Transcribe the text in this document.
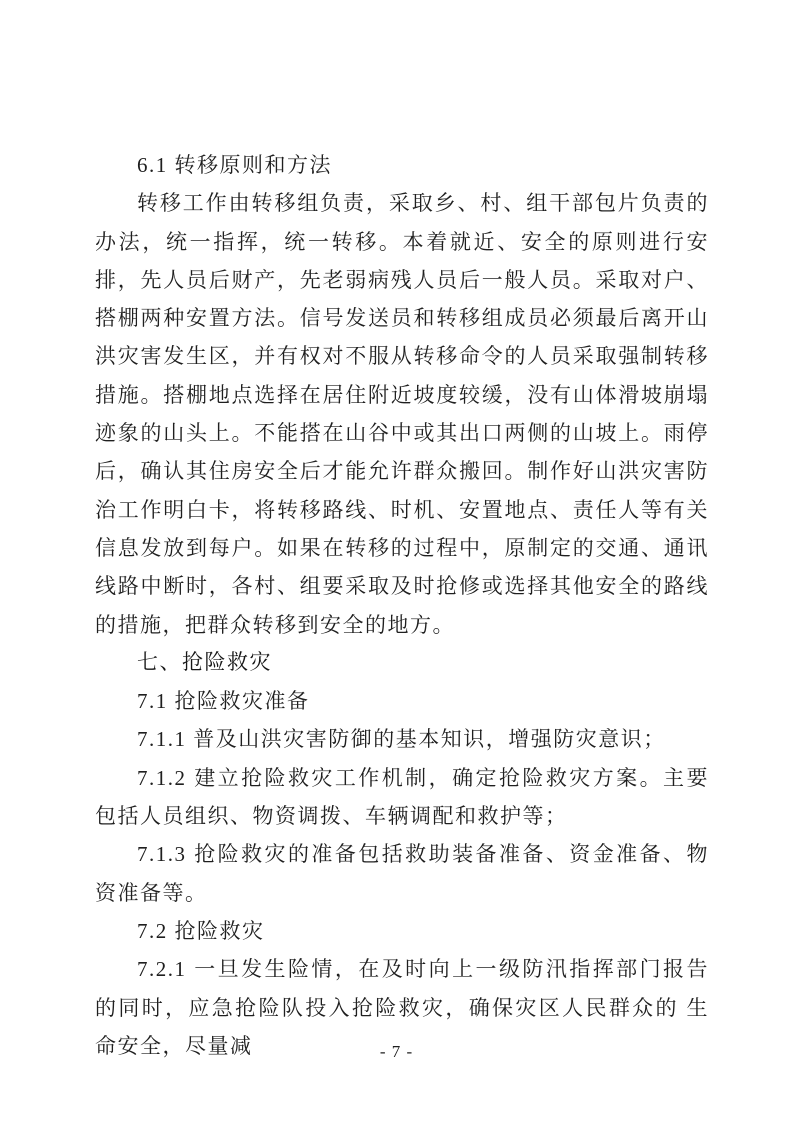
6.1 转移原则和方法

转移工作由转移组负责，采取乡、村、组干部包片负责的办法，统一指挥，统一转移。本着就近、安全的原则进行安排，先人员后财产，先老弱病残人员后一般人员。采取对户、搭棚两种安置方法。信号发送员和转移组成员必须最后离开山洪灾害发生区，并有权对不服从转移命令的人员采取强制转移措施。搭棚地点选择在居住附近坡度较缓，没有山体滑坡崩塌迹象的山头上。不能搭在山谷中或其出口两侧的山坡上。雨停后，确认其住房安全后才能允许群众搬回。制作好山洪灾害防治工作明白卡，将转移路线、时机、安置地点、责任人等有关信息发放到每户。如果在转移的过程中，原制定的交通、通讯线路中断时，各村、组要采取及时抢修或选择其他安全的路线的措施，把群众转移到安全的地方。

七、抢险救灾
7.1 抢险救灾准备

7.1.1 普及山洪灾害防御的基本知识，增强防灾意识；

7.1.2 建立抢险救灾工作机制，确定抢险救灾方案。主要包括人员组织、物资调拨、车辆调配和救护等；

7.1.3 抢险救灾的准备包括救助装备准备、资金准备、物资准备等。

7.2 抢险救灾

7.2.1 一旦发生险情，在及时向上一级防汛指挥部门报告的同时，应急抢险队投入抢险救灾，确保灾区人民群众的 生命安全，尽量减	- 7 -
